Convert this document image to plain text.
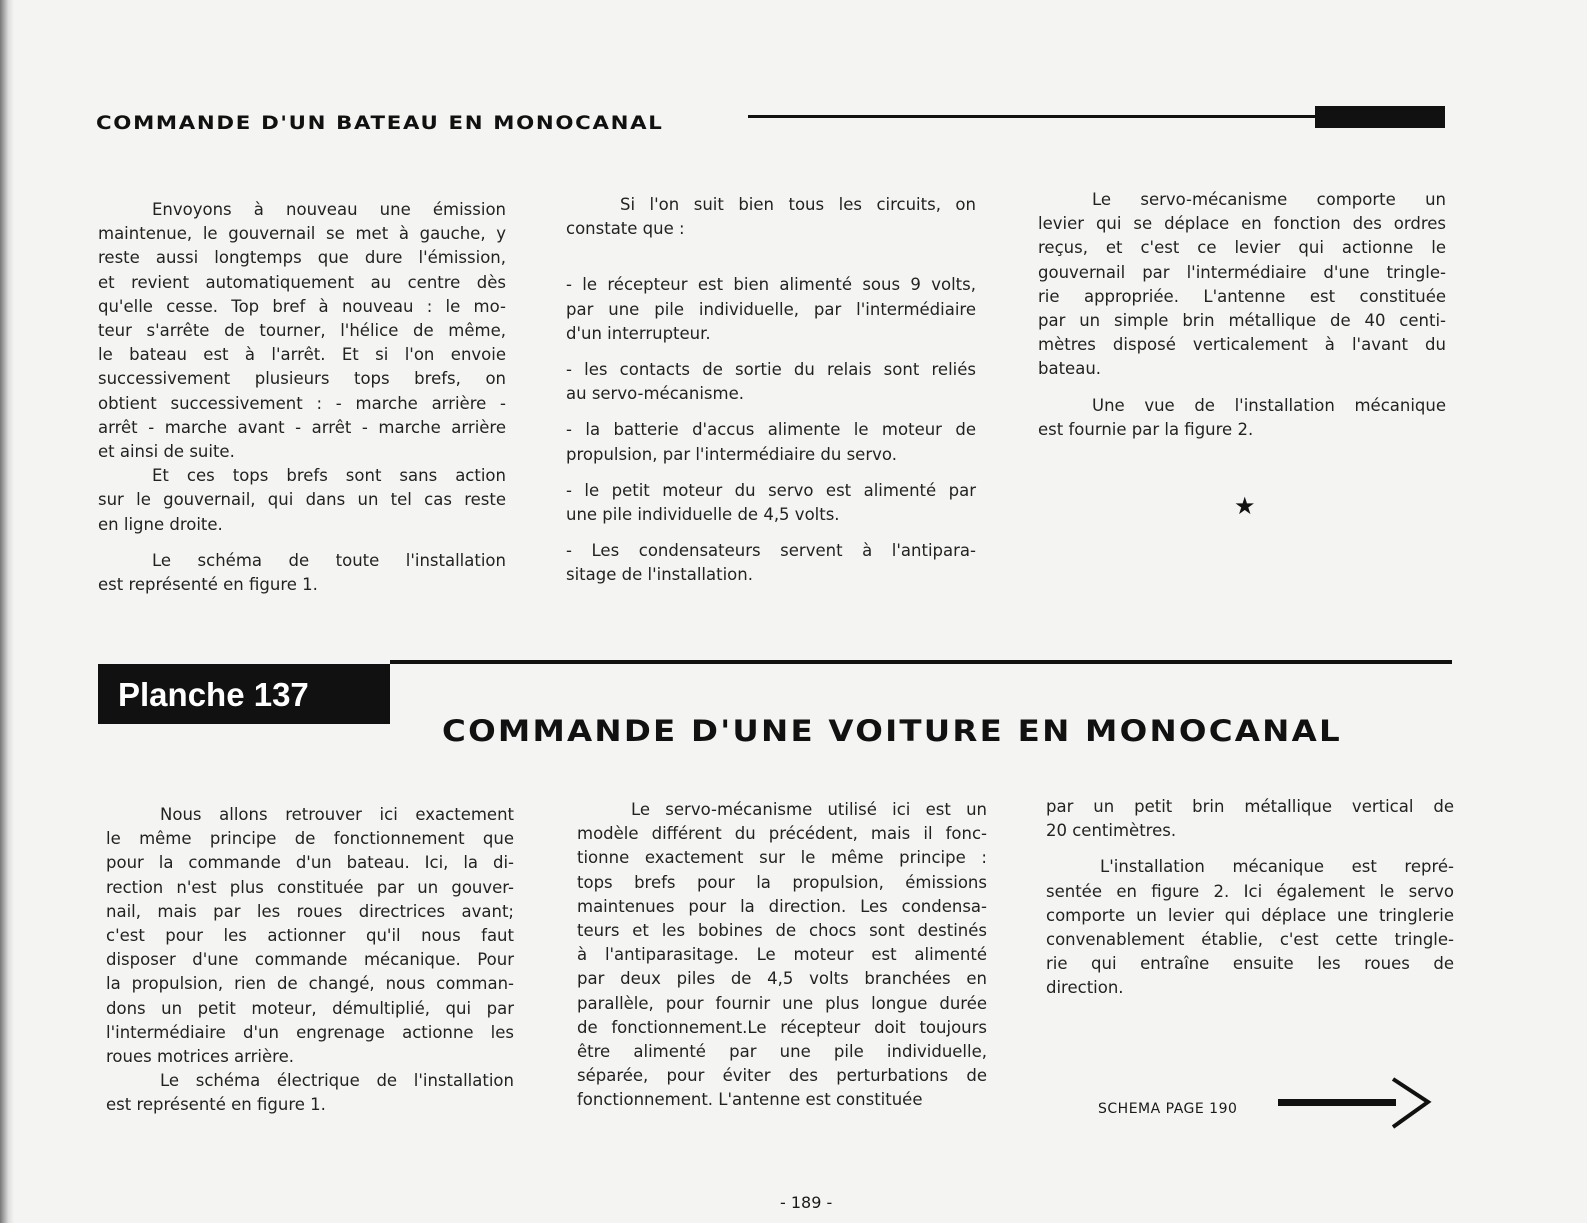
COMMANDE D'UN BATEAU EN MONOCANAL
Envoyons à nouveau une émission
maintenue, le gouvernail se met à gauche, y
reste aussi longtemps que dure l'émission,
et revient automatiquement au centre dès
qu'elle cesse. Top bref à nouveau : le mo-
teur s'arrête de tourner, l'hélice de même,
le bateau est à l'arrêt. Et si l'on envoie
successivement plusieurs tops brefs, on
obtient successivement : - marche arrière -
arrêt - marche avant - arrêt - marche arrière
et ainsi de suite.
Et ces tops brefs sont sans action
sur le gouvernail, qui dans un tel cas reste
en ligne droite.
Le schéma de toute l'installation
est représenté en figure 1.
Si l'on suit bien tous les circuits, on
constate que :
- le récepteur est bien alimenté sous 9 volts,
par une pile individuelle, par l'intermédiaire
d'un interrupteur.
- les contacts de sortie du relais sont reliés
au servo-mécanisme.
- la batterie d'accus alimente le moteur de
propulsion, par l'intermédiaire du servo.
- le petit moteur du servo est alimenté par
une pile individuelle de 4,5 volts.
- Les condensateurs servent à l'antipara-
sitage de l'installation.
Le servo-mécanisme comporte un
levier qui se déplace en fonction des ordres
reçus, et c'est ce levier qui actionne le
gouvernail par l'intermédiaire d'une tringle-
rie appropriée. L'antenne est constituée
par un simple brin métallique de 40 centi-
mètres disposé verticalement à l'avant du
bateau.
Une vue de l'installation mécanique
est fournie par la figure 2.
★
Planche 137
COMMANDE D'UNE VOITURE EN MONOCANAL
Nous allons retrouver ici exactement
le même principe de fonctionnement que
pour la commande d'un bateau. Ici, la di-
rection n'est plus constituée par un gouver-
nail, mais par les roues directrices avant;
c'est pour les actionner qu'il nous faut
disposer d'une commande mécanique. Pour
la propulsion, rien de changé, nous comman-
dons un petit moteur, démultiplié, qui par
l'intermédiaire d'un engrenage actionne les
roues motrices arrière.
Le schéma électrique de l'installation
est représenté en figure 1.
Le servo-mécanisme utilisé ici est un
modèle différent du précédent, mais il fonc-
tionne exactement sur le même principe :
tops brefs pour la propulsion, émissions
maintenues pour la direction. Les condensa-
teurs et les bobines de chocs sont destinés
à l'antiparasitage. Le moteur est alimenté
par deux piles de 4,5 volts branchées en
parallèle, pour fournir une plus longue durée
de fonctionnement.Le récepteur doit toujours
être alimenté par une pile individuelle,
séparée, pour éviter des perturbations de
fonctionnement. L'antenne est constituée
par un petit brin métallique vertical de
20 centimètres.
L'installation mécanique est repré-
sentée en figure 2. Ici également le servo
comporte un levier qui déplace une tringlerie
convenablement établie, c'est cette tringle-
rie qui entraîne ensuite les roues de
direction.
SCHEMA PAGE 190
- 189 -
